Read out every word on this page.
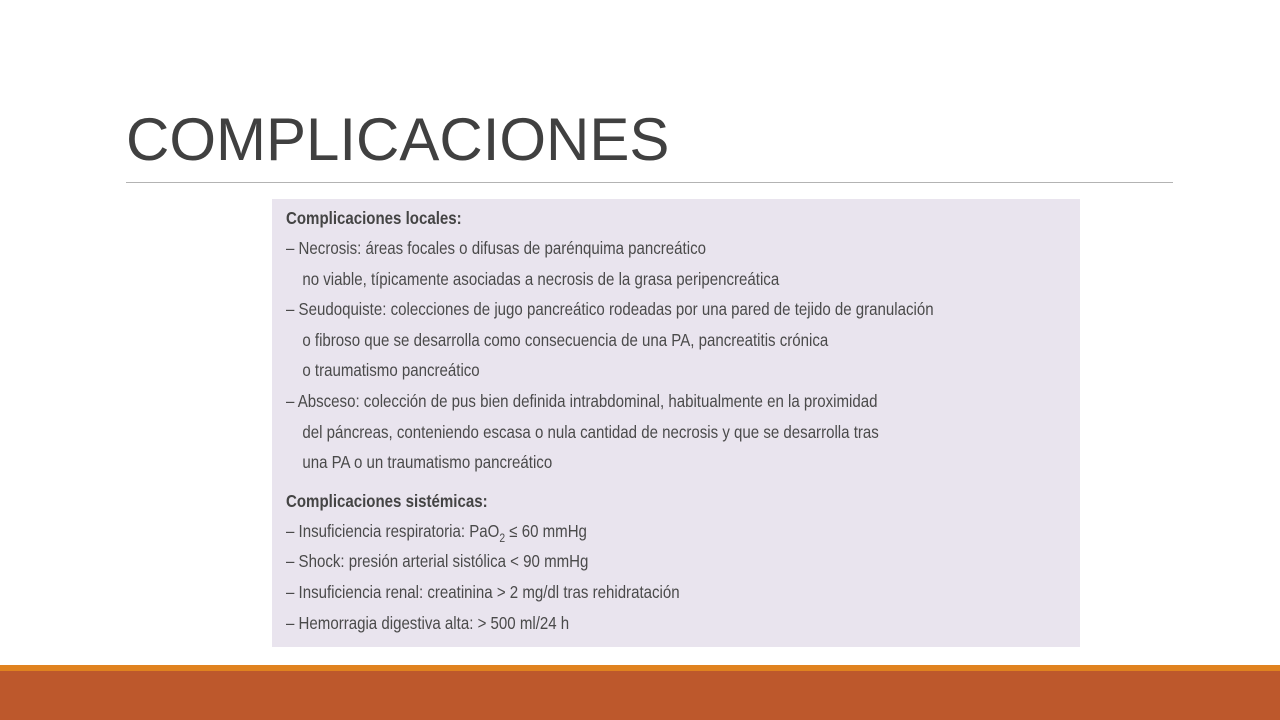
COMPLICACIONES
Complicaciones locales:
– Necrosis: áreas focales o difusas de parénquima pancreático
no viable, típicamente asociadas a necrosis de la grasa peripencreática
– Seudoquiste: colecciones de jugo pancreático rodeadas por una pared de tejido de granulación
o fibroso que se desarrolla como consecuencia de una PA, pancreatitis crónica
o traumatismo pancreático
– Absceso: colección de pus bien definida intrabdominal, habitualmente en la proximidad
del páncreas, conteniendo escasa o nula cantidad de necrosis y que se desarrolla tras
una PA o un traumatismo pancreático
Complicaciones sistémicas:
– Insuficiencia respiratoria: PaO$_2$ ≤ 60 mmHg
– Shock: presión arterial sistólica < 90 mmHg
– Insuficiencia renal: creatinina > 2 mg/dl tras rehidratación
– Hemorragia digestiva alta: > 500 ml/24 h
